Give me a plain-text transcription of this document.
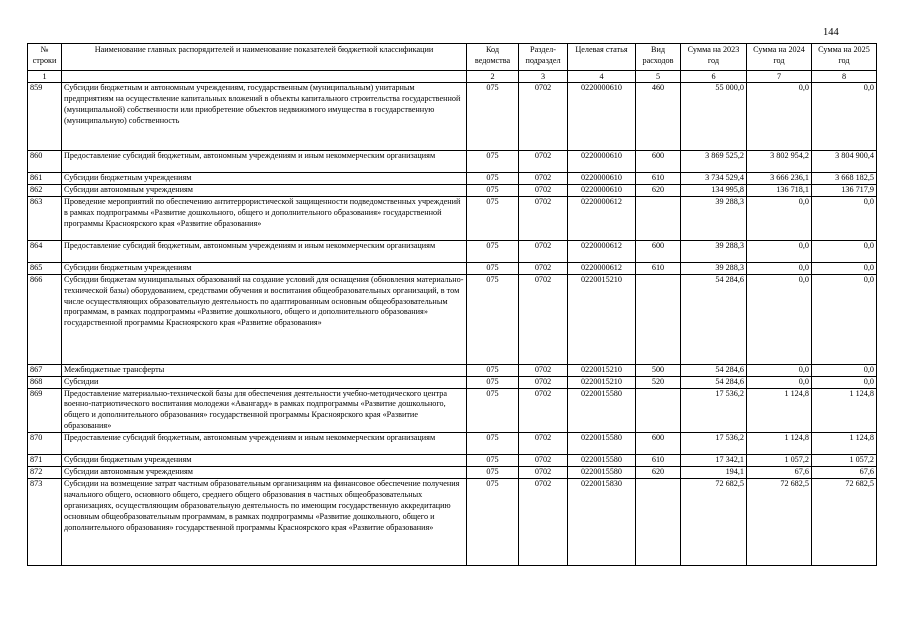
144
№ строки	Наименование главных распорядителей и наименование показателей бюджетной классификации	Код ведомства	Раздел-подраздел	Целевая статья	Вид расходов	Сумма на 2023 год	Сумма на 2024 год	Сумма на 2025 год
1		2	3	4	5	6	7	8
859	Субсидии бюджетным и автономным учреждениям, государственным (муниципальным) унитарным предприятиям на осуществление капитальных вложений в объекты капитального строительства государственной (муниципальной) собственности или приобретение объектов недвижимого имущества в государственную (муниципальную) собственность	075	0702	0220000610	460	55 000,0	0,0	0,0
860	Предоставление субсидий бюджетным, автономным учреждениям и иным некоммерческим организациям	075	0702	0220000610	600	3 869 525,2	3 802 954,2	3 804 900,4
861	Субсидии бюджетным учреждениям	075	0702	0220000610	610	3 734 529,4	3 666 236,1	3 668 182,5
862	Субсидии автономным учреждениям	075	0702	0220000610	620	134 995,8	136 718,1	136 717,9
863	Проведение мероприятий по обеспечению антитеррористической защищенности подведомственных учреждений в рамках подпрограммы «Развитие дошкольного, общего и дополнительного образования» государственной программы Красноярского края «Развитие образования»	075	0702	0220000612		39 288,3	0,0	0,0
864	Предоставление субсидий бюджетным, автономным учреждениям и иным некоммерческим организациям	075	0702	0220000612	600	39 288,3	0,0	0,0
865	Субсидии бюджетным учреждениям	075	0702	0220000612	610	39 288,3	0,0	0,0
866	Субсидии бюджетам муниципальных образований на создание условий для оснащения (обновления материально-технической базы) оборудованием, средствами обучения и воспитания общеобразовательных организаций, в том числе осуществляющих образовательную деятельность по адаптированным основным общеобразовательным программам, в рамках подпрограммы «Развитие дошкольного, общего и дополнительного образования» государственной программы Красноярского края «Развитие образования»	075	0702	0220015210		54 284,6	0,0	0,0
867	Межбюджетные трансферты	075	0702	0220015210	500	54 284,6	0,0	0,0
868	Субсидии	075	0702	0220015210	520	54 284,6	0,0	0,0
869	Предоставление материально-технической базы для обеспечения деятельности учебно-методического центра военно-патриотического воспитания молодежи «Авангард» в рамках подпрограммы «Развитие дошкольного, общего и дополнительного образования» государственной программы Красноярского края «Развитие образования»	075	0702	0220015580		17 536,2	1 124,8	1 124,8
870	Предоставление субсидий бюджетным, автономным учреждениям и иным некоммерческим организациям	075	0702	0220015580	600	17 536,2	1 124,8	1 124,8
871	Субсидии бюджетным учреждениям	075	0702	0220015580	610	17 342,1	1 057,2	1 057,2
872	Субсидии автономным учреждениям	075	0702	0220015580	620	194,1	67,6	67,6
873	Субсидии на возмещение затрат частным образовательным организациям на финансовое обеспечение получения начального общего, основного общего, среднего общего образования в частных общеобразовательных организациях, осуществляющим образовательную деятельность по имеющим государственную аккредитацию основным общеобразовательным программам, в рамках подпрограммы «Развитие дошкольного, общего и дополнительного образования» государственной программы Красноярского края «Развитие образования»	075	0702	0220015830		72 682,5	72 682,5	72 682,5
